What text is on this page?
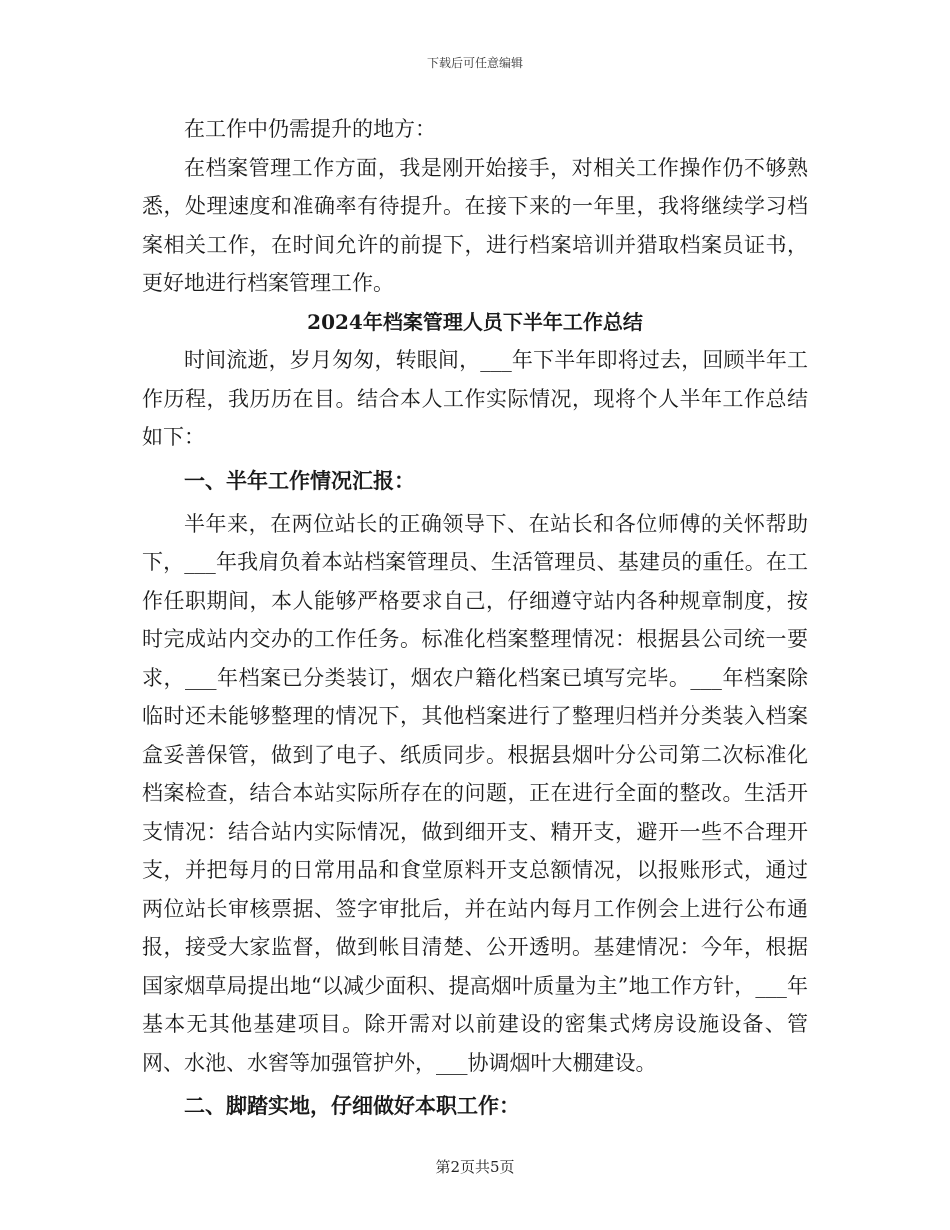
下载后可任意编辑

在工作中仍需提升的地方：

在档案管理工作方面，我是刚开始接手，对相关工作操作仍不够熟悉，处理速度和准确率有待提升。在接下来的一年里，我将继续学习档案相关工作，在时间允许的前提下，进行档案培训并猎取档案员证书，更好地进行档案管理工作。

2024年档案管理人员下半年工作总结

时间流逝，岁月匆匆，转眼间，___年下半年即将过去，回顾半年工作历程，我历历在目。结合本人工作实际情况，现将个人半年工作总结如下：

一、半年工作情况汇报：

半年来，在两位站长的正确领导下、在站长和各位师傅的关怀帮助下，___年我肩负着本站档案管理员、生活管理员、基建员的重任。在工作任职期间，本人能够严格要求自己，仔细遵守站内各种规章制度，按时完成站内交办的工作任务。标准化档案整理情况：根据县公司统一要求，___年档案已分类装订，烟农户籍化档案已填写完毕。___年档案除临时还未能够整理的情况下，其他档案进行了整理归档并分类装入档案盒妥善保管，做到了电子、纸质同步。根据县烟叶分公司第二次标准化档案检查，结合本站实际所存在的问题，正在进行全面的整改。生活开支情况：结合站内实际情况，做到细开支、精开支，避开一些不合理开支，并把每月的日常用品和食堂原料开支总额情况，以报账形式，通过两位站长审核票据、签字审批后，并在站内每月工作例会上进行公布通报，接受大家监督，做到帐目清楚、公开透明。基建情况：今年，根据国家烟草局提出地“以减少面积、提高烟叶质量为主”地工作方针，___年基本无其他基建项目。除开需对以前建设的密集式烤房设施设备、管网、水池、水窖等加强管护外，___协调烟叶大棚建设。

二、脚踏实地，仔细做好本职工作：

第2页共5页
